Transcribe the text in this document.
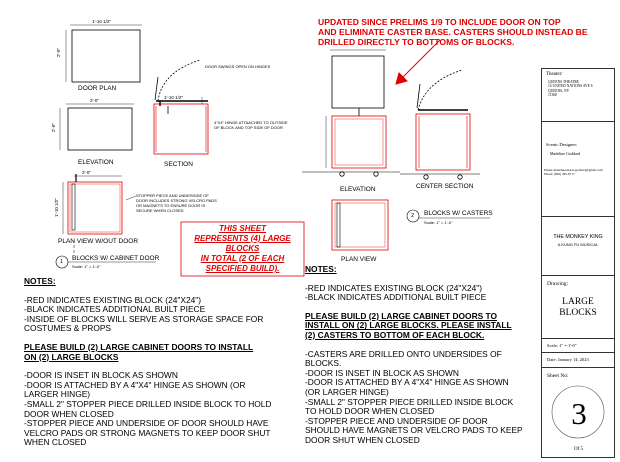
UPDATED SINCE PRELIMS 1/9 TO INCLUDE DOOR ON TOP
AND ELIMINATE CASTER BASE. CASTERS SHOULD INSTEAD BE
DRILLED DIRECTLY TO BOTTOMS OF BLOCKS.
1'-10 1/2"
2'-0"
DOOR PLAN
2'-0"
2'-0"
ELEVATION
DOOR SWINGS OPEN ON HINGES
1'-10 1/2"
4"X4" HINGE ATTAACHED TO OUTSIDE OF BLOCK AND TOP SIDE OF DOOR
SECTION
STOPPER PIECE AND UNDERSIDE OF DOOR INCLUDES STRONG VELCRO PADS OR MAGNETS TO ENSURE DOOR IS SECURE WHEN CLOSED
2'-0"
1'-10 1/2"
PLAN VIEW W/OUT DOOR
1 BLOCKS W/ CABINET DOOR
Scale: 1" = 1'-0"
ELEVATION	CENTER SECTION
PLAN VIEW
2 BLOCKS W/ CASTERS
Scale: 1" = 1'-0"
THIS SHEET
REPRESENTS (4) LARGE
BLOCKS
IN TOTAL (2 OF EACH
SPECIFIED BUILD).
NOTES:
-RED INDICATES EXISTING BLOCK (24"X24")
-BLACK INDICATES ADDITIONAL BUILT PIECE
-INSIDE OF BLOCKS WILL SERVE AS STORAGE SPACE FOR
COSTUMES & PROPS
PLEASE BUILD (2) LARGE CABINET DOORS TO INSTALL
ON (2) LARGE BLOCKS
-DOOR IS INSET IN BLOCK AS SHOWN
-DOOR IS ATTACHED BY A 4"X4" HINGE AS SHOWN (OR
LARGER HINGE)
-SMALL 2" STOPPER PIECE DRILLED INSIDE BLOCK TO HOLD
DOOR WHEN CLOSED
-STOPPER PIECE AND UNDERSIDE OF DOOR SHOULD HAVE
VELCRO PADS OR STRONG MAGNETS TO KEEP DOOR SHUT
WHEN CLOSED
NOTES:
-RED INDICATES EXISTING BLOCK (24"X24")
-BLACK INDICATES ADDITIONAL BUILT PIECE
PLEASE BUILD (2) LARGE CABINET DOORS TO
INSTALL ON (2) LARGE BLOCKS. PLEASE INSTALL
(2) CASTERS TO BOTTOM OF EACH BLOCK.
-CASTERS ARE DRILLED ONTO UNDERSIDES OF
BLOCKS.
-DOOR IS INSET IN BLOCK AS SHOWN
-DOOR IS ATTACHED BY A 4"X4" HINGE AS SHOWN
(OR LARGER HINGE)
-SMALL 2" STOPPER PIECE DRILLED INSIDE BLOCK
TO HOLD DOOR WHEN CLOSED
-STOPPER PIECE AND UNDERSIDE OF DOOR
SHOULD HAVE MAGNETS OR VELCRO PADS TO KEEP
DOOR SHUT WHEN CLOSED
Theater:
QUEENS THEATRE
14 UNITED NATIONS AVE S
QUEENS, NY
11368
Scenic Designer:
Madeline Goddard
Email: madeline.maria.goddard@gmail.com
Phone: (862) 295-6717
THE MONKEY KING
A KUNG FU MUSICAL
Drawing:
LARGE
BLOCKS
Scale: 1" = 1'-0"
Date: January 14, 2023
Sheet No:
3
Of 5
